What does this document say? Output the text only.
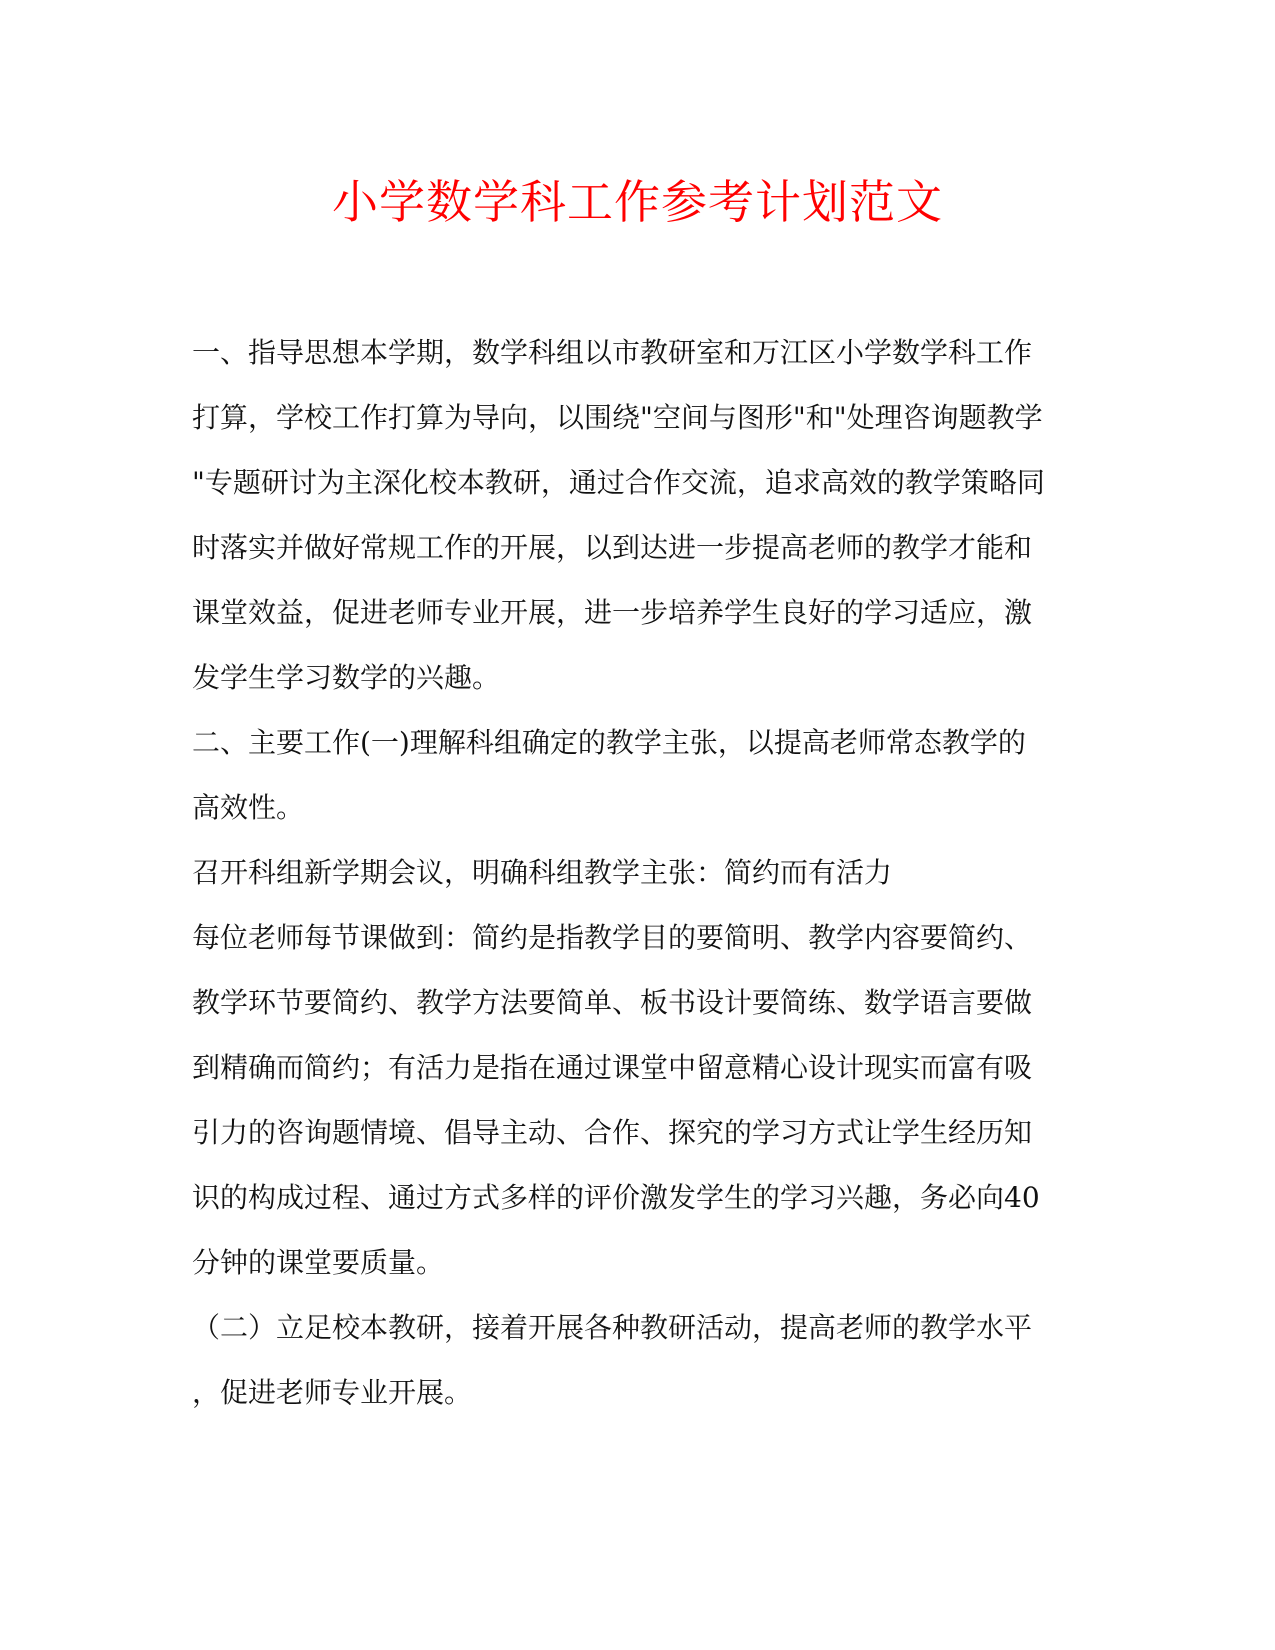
小学数学科工作参考计划范文
一、指导思想本学期，数学科组以市教研室和万江区小学数学科工作
打算，学校工作打算为导向，以围绕"空间与图形"和"处理咨询题教学
"专题研讨为主深化校本教研，通过合作交流，追求高效的教学策略同
时落实并做好常规工作的开展，以到达进一步提高老师的教学才能和
课堂效益，促进老师专业开展，进一步培养学生良好的学习适应，激
发学生学习数学的兴趣。
二、主要工作(一)理解科组确定的教学主张，以提高老师常态教学的
高效性。
召开科组新学期会议，明确科组教学主张：简约而有活力
每位老师每节课做到：简约是指教学目的要简明、教学内容要简约、
教学环节要简约、教学方法要简单、板书设计要简练、数学语言要做
到精确而简约；有活力是指在通过课堂中留意精心设计现实而富有吸
引力的咨询题情境、倡导主动、合作、探究的学习方式让学生经历知
识的构成过程、通过方式多样的评价激发学生的学习兴趣，务必向40
分钟的课堂要质量。
（二）立足校本教研，接着开展各种教研活动，提高老师的教学水平
，促进老师专业开展。
